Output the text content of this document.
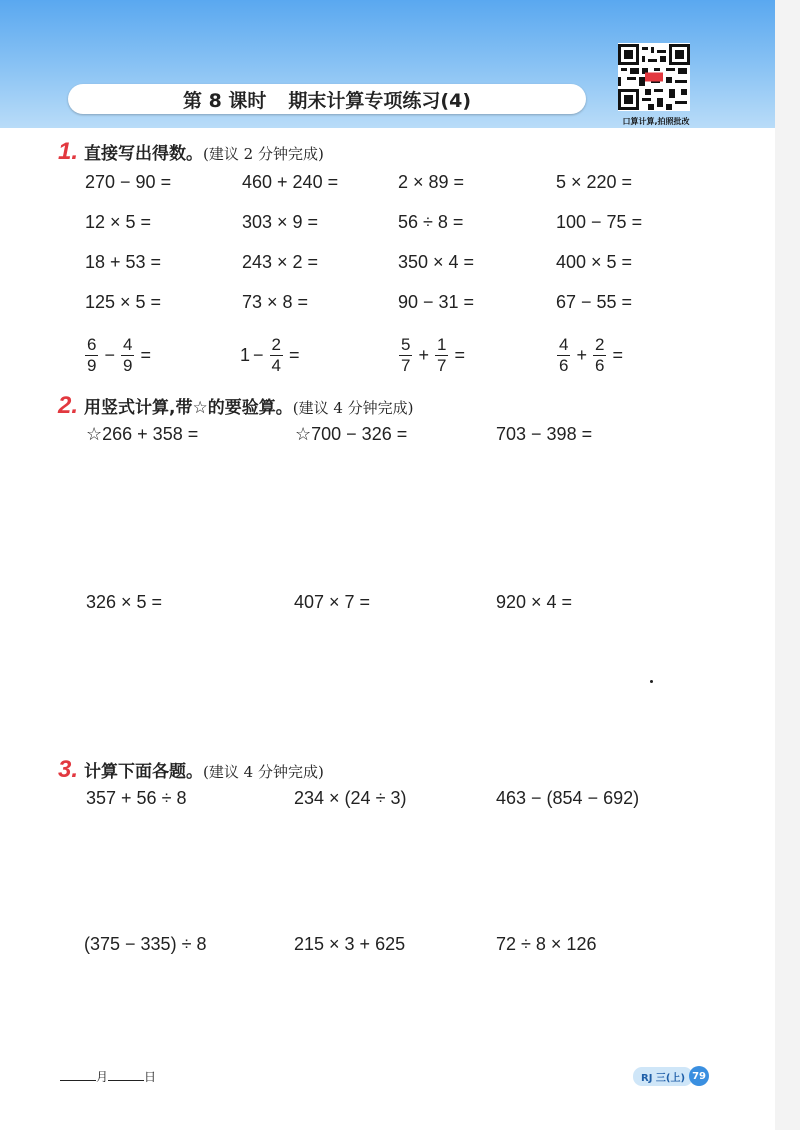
第 8 课时 期末计算专项练习(4)
口算计算,拍照批改
1. 直接写出得数。 (建议 2 分钟完成)
270 − 90 =	460 + 240 =	2 × 89 =	5 × 220 =
12 × 5 =	303 × 9 =	56 ÷ 8 =	100 − 75 =
18 + 53 =	243 × 2 =	350 × 4 =	400 × 5 =
125 × 5 =	73 × 8 =	90 − 31 =	67 − 55 =
$\frac{6}{9} - \frac{4}{9}$ =	$1 - \frac{2}{4}$ =	$\frac{5}{7} + \frac{1}{7}$ =	$\frac{4}{6} + \frac{2}{6}$ =
2. 用竖式计算,带☆的要验算。 (建议 4 分钟完成)
☆266 + 358 =	☆700 − 326 =	703 − 398 =
326 × 5 =	407 × 7 =	920 × 4 =
3. 计算下面各题。 (建议 4 分钟完成)
357 + 56 ÷ 8	234 × (24 ÷ 3)	463 − (854 − 692)
(375 − 335) ÷ 8	215 × 3 + 625	72 ÷ 8 × 126
月	日	RJ 三(上) 79
